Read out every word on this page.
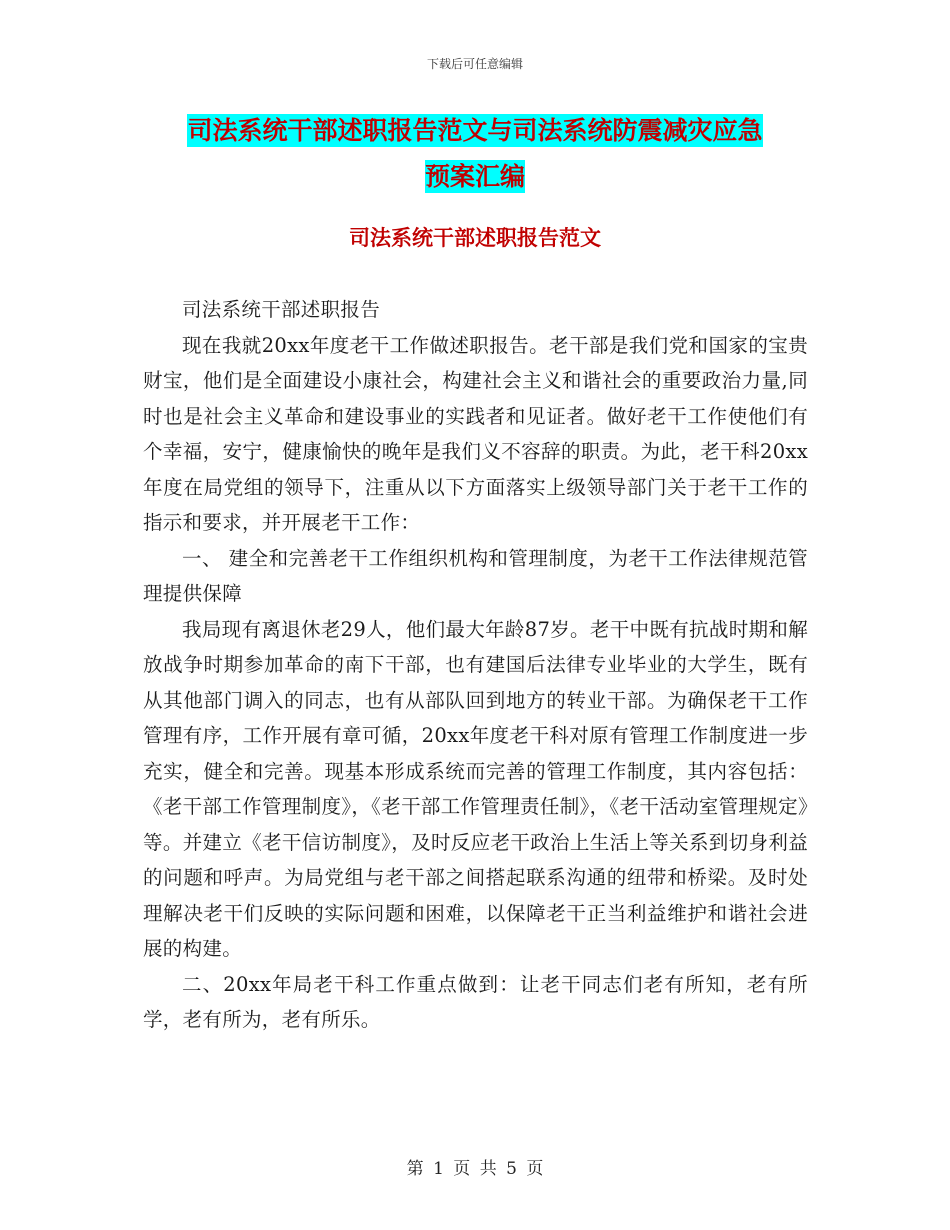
下载后可任意编辑
司法系统干部述职报告范文与司法系统防震减灾应急
预案汇编
司法系统干部述职报告范文

司法系统干部述职报告

现在我就20xx年度老干工作做述职报告。老干部是我们党和国家的宝贵财宝，他们是全面建设小康社会，构建社会主义和谐社会的重要政治力量,同时也是社会主义革命和建设事业的实践者和见证者。做好老干工作使他们有个幸福，安宁，健康愉快的晚年是我们义不容辞的职责。为此，老干科20xx年度在局党组的领导下，注重从以下方面落实上级领导部门关于老干工作的指示和要求，并开展老干工作：

一、 建全和完善老干工作组织机构和管理制度，为老干工作法律规范管理提供保障

我局现有离退休老29人，他们最大年龄87岁。老干中既有抗战时期和解放战争时期参加革命的南下干部，也有建国后法律专业毕业的大学生，既有从其他部门调入的同志，也有从部队回到地方的转业干部。为确保老干工作管理有序，工作开展有章可循，20xx年度老干科对原有管理工作制度进一步充实，健全和完善。现基本形成系统而完善的管理工作制度，其内容包括：《老干部工作管理制度》，《老干部工作管理责任制》，《老干活动室管理规定》等。并建立《老干信访制度》，及时反应老干政治上生活上等关系到切身利益的问题和呼声。为局党组与老干部之间搭起联系沟通的纽带和桥梁。及时处理解决老干们反映的实际问题和困难，以保障老干正当利益维护和谐社会进展的构建。

二、20xx年局老干科工作重点做到：让老干同志们老有所知，老有所学，老有所为，老有所乐。

第 1 页 共 5 页
